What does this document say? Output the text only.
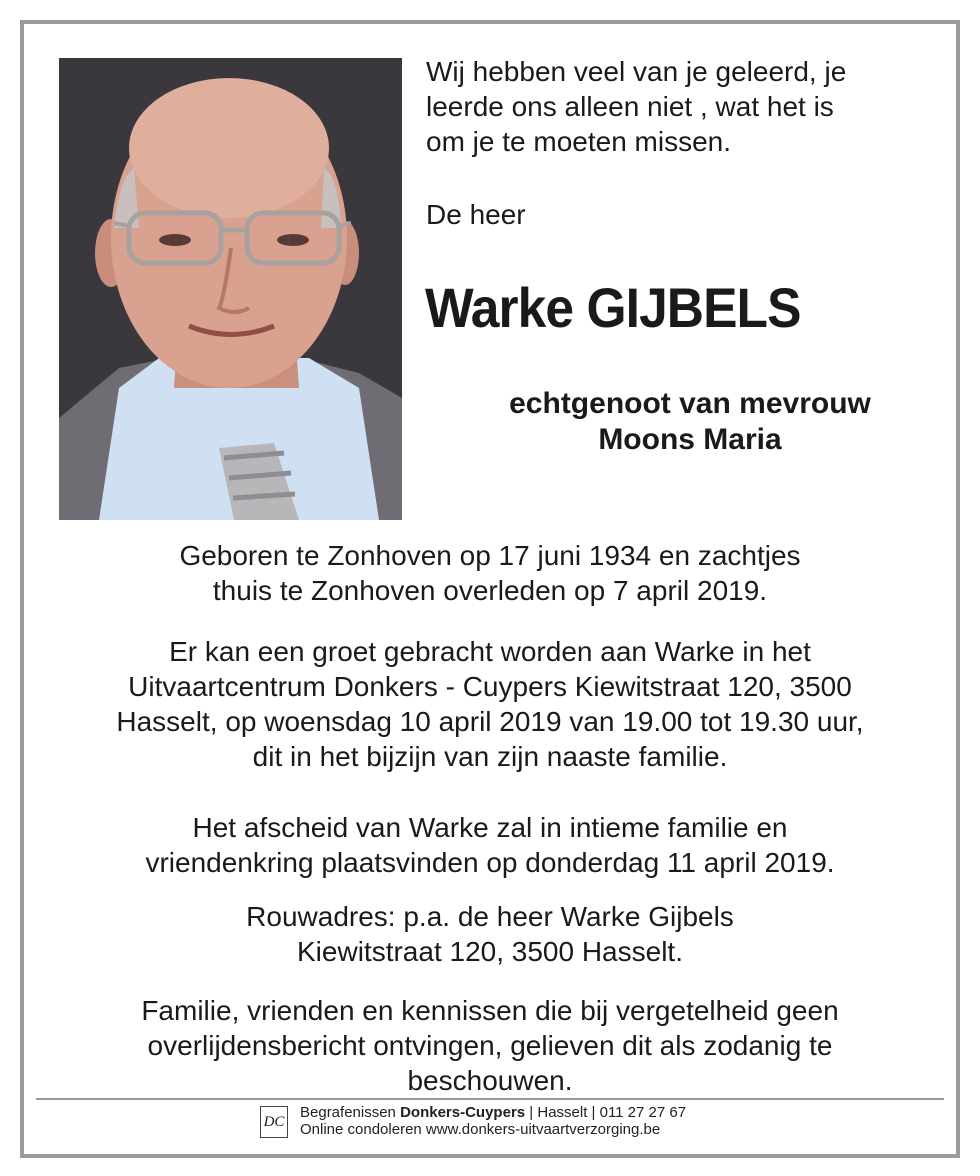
Wij hebben veel van je geleerd, je
leerde ons alleen niet , wat het is
om je te moeten missen.
De heer
Warke GIJBELS
echtgenoot van mevrouw
Moons Maria
Geboren te Zonhoven op 17 juni 1934 en zachtjes
thuis te Zonhoven overleden op 7 april 2019.
Er kan een groet gebracht worden aan Warke in het
Uitvaartcentrum Donkers - Cuypers Kiewitstraat 120, 3500
Hasselt, op woensdag 10 april 2019 van 19.00 tot 19.30 uur,
dit in het bijzijn van zijn naaste familie.
Het afscheid van Warke zal in intieme familie en
vriendenkring plaatsvinden op donderdag 11 april 2019.
Rouwadres: p.a. de heer Warke Gijbels
Kiewitstraat 120, 3500 Hasselt.
Familie, vrienden en kennissen die bij vergetelheid geen
overlijdensbericht ontvingen, gelieven dit als zodanig te
beschouwen.
DC
Begrafenissen Donkers-Cuypers | Hasselt | 011 27 27 67
Online condoleren www.donkers-uitvaartverzorging.be
